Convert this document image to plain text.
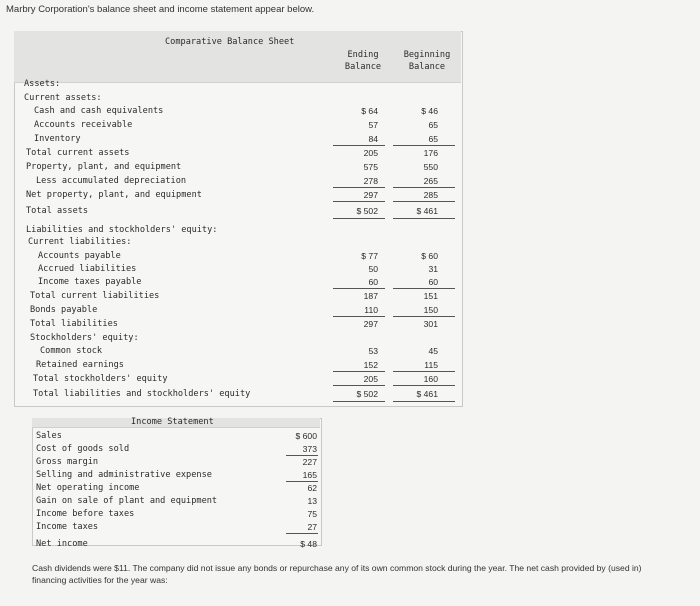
Marbry Corporation's balance sheet and income statement appear below.
Comparative Balance Sheet
Ending
Balance
Beginning
Balance
Assets:
Current assets:
Cash and cash equivalents	$ 64	$ 46
Accounts receivable	57	65
Inventory	84	65
Total current assets	205	176
Property, plant, and equipment	575	550
Less accumulated depreciation	278	265
Net property, plant, and equipment	297	285
Total assets	$ 502	$ 461
Liabilities and stockholders' equity:
Current liabilities:
Accounts payable	$ 77	$ 60
Accrued liabilities	50	31
Income taxes payable	60	60
Total current liabilities	187	151
Bonds payable	110	150
Total liabilities	297	301
Stockholders' equity:
Common stock	53	45
Retained earnings	152	115
Total stockholders' equity	205	160
Total liabilities and stockholders' equity	$ 502	$ 461
Income Statement
Sales	$ 600
Cost of goods sold	373
Gross margin	227
Selling and administrative expense	165
Net operating income	62
Gain on sale of plant and equipment	13
Income before taxes	75
Income taxes	27
Net income	$ 48
Cash dividends were $11. The company did not issue any bonds or repurchase any of its own common stock during the year. The net cash provided by (used in) financing activities for the year was:
